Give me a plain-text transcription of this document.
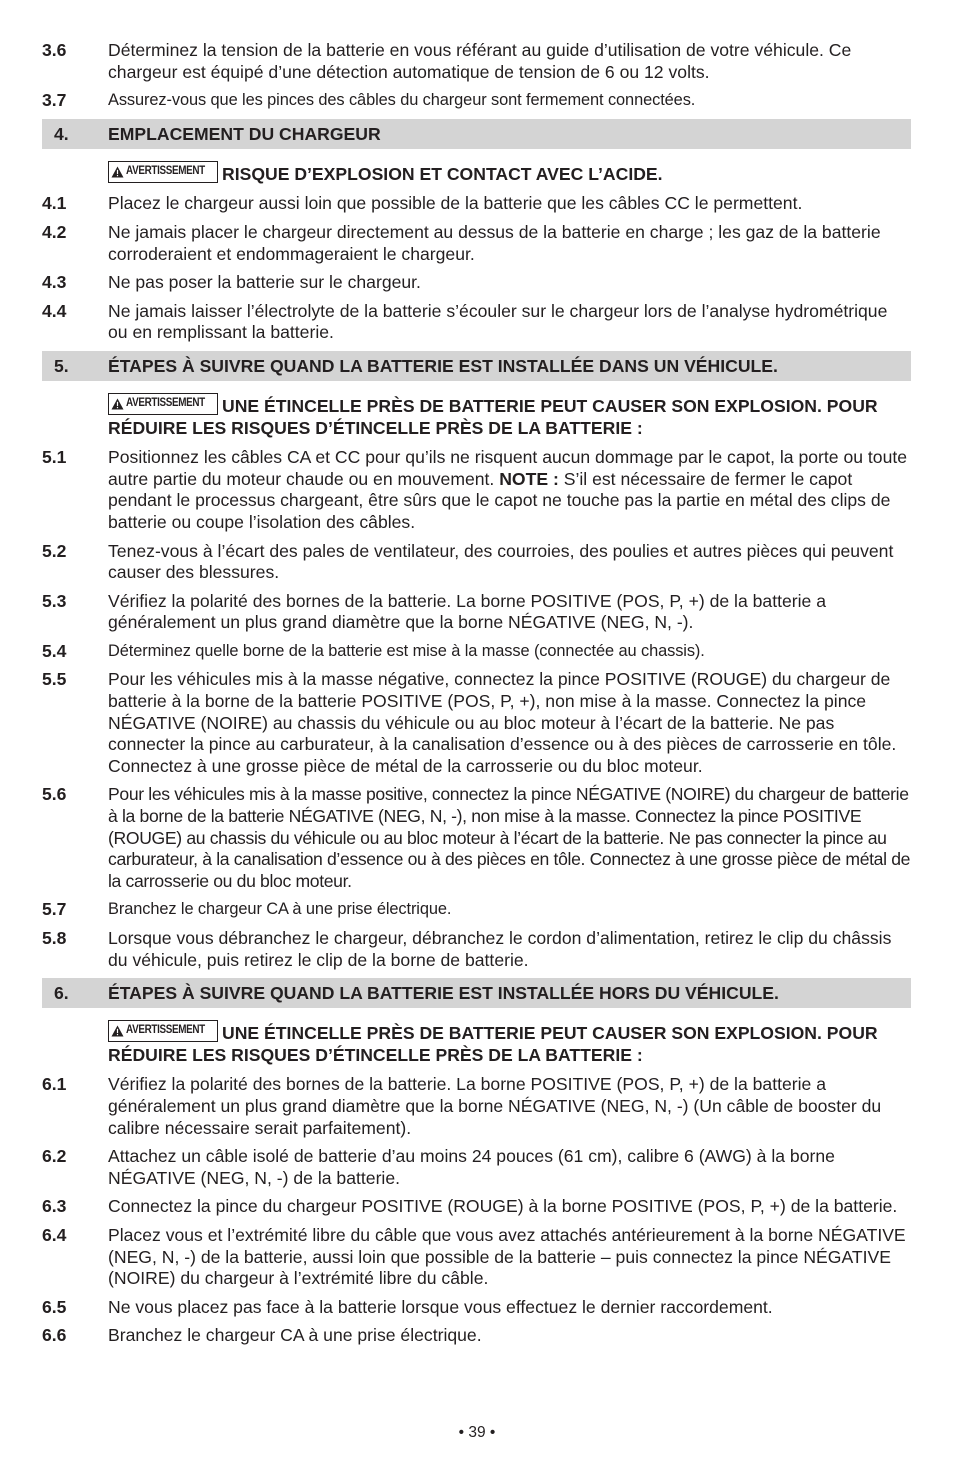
3.6	Déterminez la tension de la batterie en vous référant au guide d’utilisation de votre véhicule. Ce chargeur est équipé d’une détection automatique de tension de 6 ou 12 volts.
3.7	Assurez-vous que les pinces des câbles du chargeur sont fermement connectées.
4.	EMPLACEMENT DU CHARGEUR
AVERTISSEMENT RISQUE D’EXPLOSION ET CONTACT AVEC L’ACIDE.
4.1	Placez le chargeur aussi loin que possible de la batterie que les câbles CC le permettent.
4.2	Ne jamais placer le chargeur directement au dessus de la batterie en charge ; les gaz de la batterie corroderaient et endommageraient le chargeur.
4.3	Ne pas poser la batterie sur le chargeur.
4.4	Ne jamais laisser l’électrolyte de la batterie s’écouler sur le chargeur lors de l’analyse hydrométrique ou en remplissant la batterie.
5.	ÉTAPES À SUIVRE QUAND LA BATTERIE EST INSTALLÉE DANS UN VÉHICULE.
AVERTISSEMENT UNE ÉTINCELLE PRÈS DE BATTERIE PEUT CAUSER SON EXPLOSION. POUR RÉDUIRE LES RISQUES D’ÉTINCELLE PRÈS DE LA BATTERIE :
5.1	Positionnez les câbles CA et CC pour qu’ils ne risquent aucun dommage par le capot, la porte ou toute autre partie du moteur chaude ou en mouvement. NOTE : S’il est nécessaire de fermer le capot pendant le processus chargeant, être sûrs que le capot ne touche pas la partie en métal des clips de batterie ou coupe l’isolation des câbles.
5.2	Tenez-vous à l’écart des pales de ventilateur, des courroies, des poulies et autres pièces qui peuvent causer des blessures.
5.3	Vérifiez la polarité des bornes de la batterie. La borne POSITIVE (POS, P, +) de la batterie a généralement un plus grand diamètre que la borne NÉGATIVE (NEG, N, -).
5.4	Déterminez quelle borne de la batterie est mise à la masse (connectée au chassis).
5.5	Pour les véhicules mis à la masse négative, connectez la pince POSITIVE (ROUGE) du chargeur de batterie à la borne de la batterie POSITIVE (POS, P, +), non mise à la masse. Connectez la pince NÉGATIVE (NOIRE) au chassis du véhicule ou au bloc moteur à l’écart de la batterie. Ne pas connecter la pince au carburateur, à la canalisation d’essence ou à des pièces de carrosserie en tôle. Connectez à une grosse pièce de métal de la carrosserie ou du bloc moteur.
5.6	Pour les véhicules mis à la masse positive, connectez la pince NÉGATIVE (NOIRE) du chargeur de batterie à la borne de la batterie NÉGATIVE (NEG, N, -), non mise à la masse. Connectez la pince POSITIVE (ROUGE) au chassis du véhicule ou au bloc moteur à l’écart de la batterie. Ne pas connecter la pince au carburateur, à la canalisation d’essence ou à des pièces en tôle. Connectez à une grosse pièce de métal de la carrosserie ou du bloc moteur.
5.7	Branchez le chargeur CA à une prise électrique.
5.8	Lorsque vous débranchez le chargeur, débranchez le cordon d’alimentation, retirez le clip du châssis du véhicule, puis retirez le clip de la borne de batterie.
6.	ÉTAPES À SUIVRE QUAND LA BATTERIE EST INSTALLÉE HORS DU VÉHICULE.
AVERTISSEMENT UNE ÉTINCELLE PRÈS DE BATTERIE PEUT CAUSER SON EXPLOSION. POUR RÉDUIRE LES RISQUES D’ÉTINCELLE PRÈS DE LA BATTERIE :
6.1	Vérifiez la polarité des bornes de la batterie. La borne POSITIVE (POS, P, +) de la batterie a généralement un plus grand diamètre que la borne NÉGATIVE (NEG, N, -) (Un câble de booster du calibre nécessaire serait parfaitement).
6.2	Attachez un câble isolé de batterie d’au moins 24 pouces (61 cm), calibre 6 (AWG) à la borne NÉGATIVE (NEG, N, -) de la batterie.
6.3	Connectez la pince du chargeur POSITIVE (ROUGE) à la borne POSITIVE (POS, P, +) de la batterie.
6.4	Placez vous et l’extrémité libre du câble que vous avez attachés antérieurement à la borne NÉGATIVE (NEG, N, -) de la batterie, aussi loin que possible de la batterie – puis connectez la pince NÉGATIVE (NOIRE) du chargeur à l’extrémité libre du câble.
6.5	Ne vous placez pas face à la batterie lorsque vous effectuez le dernier raccordement.
6.6	Branchez le chargeur CA à une prise électrique.
• 39 •
